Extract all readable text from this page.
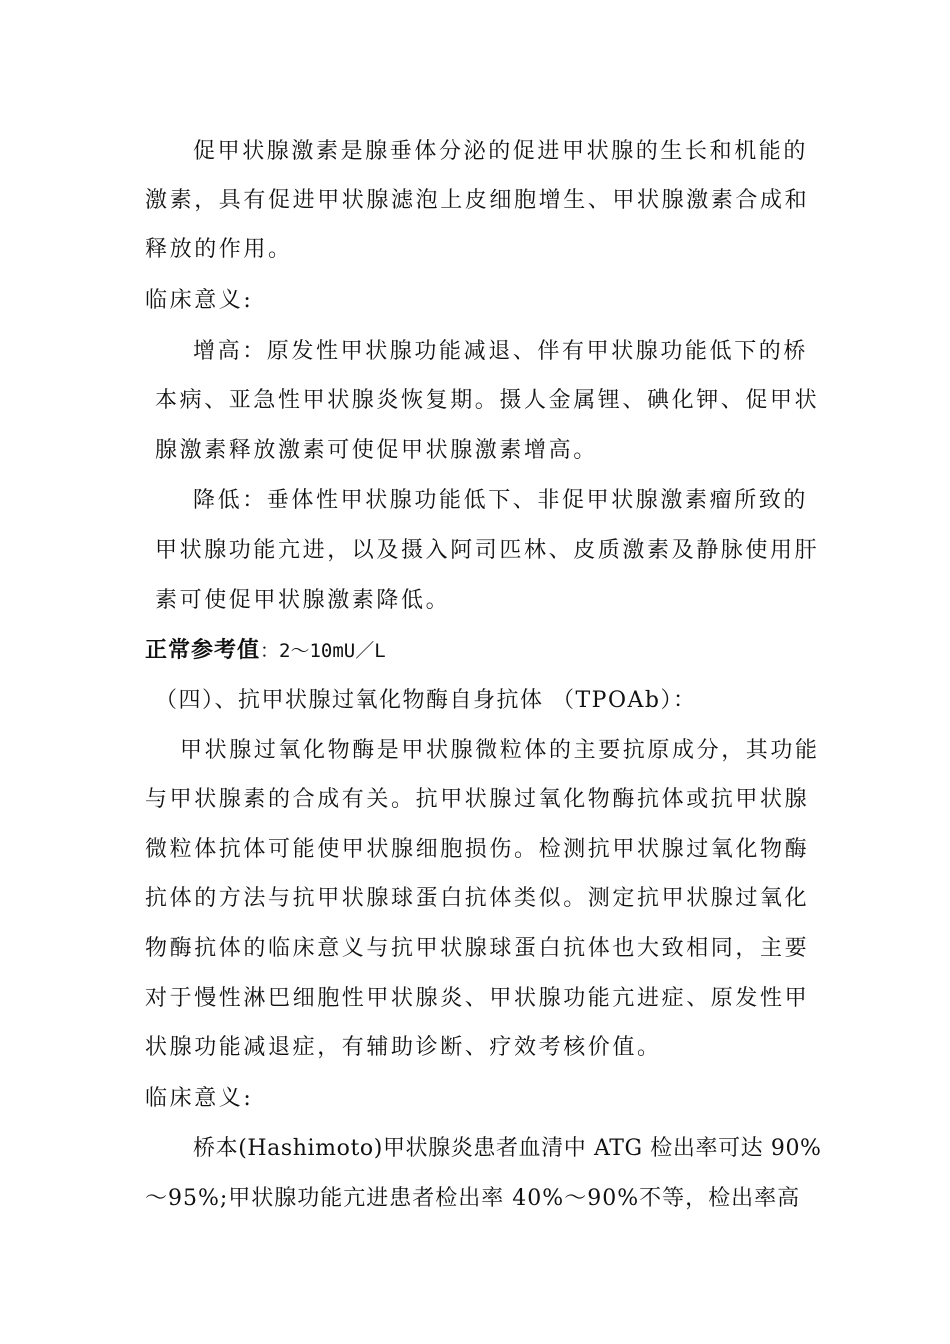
促甲状腺激素是腺垂体分泌的促进甲状腺的生长和机能的
激素，具有促进甲状腺滤泡上皮细胞增生、甲状腺激素合成和
释放的作用。
临床意义:
增高：原发性甲状腺功能减退、伴有甲状腺功能低下的桥
本病、亚急性甲状腺炎恢复期。摄人金属锂、碘化钾、促甲状
腺激素释放激素可使促甲状腺激素增高。
降低：垂体性甲状腺功能低下、非促甲状腺激素瘤所致的
甲状腺功能亢进，以及摄入阿司匹林、皮质激素及静脉使用肝
素可使促甲状腺激素降低。
正常参考值：2～10mU／L
（四）、抗甲状腺过氧化物酶自身抗体 （TPOAb）：
甲状腺过氧化物酶是甲状腺微粒体的主要抗原成分，其功能
与甲状腺素的合成有关。抗甲状腺过氧化物酶抗体或抗甲状腺
微粒体抗体可能使甲状腺细胞损伤。检测抗甲状腺过氧化物酶
抗体的方法与抗甲状腺球蛋白抗体类似。测定抗甲状腺过氧化
物酶抗体的临床意义与抗甲状腺球蛋白抗体也大致相同，主要
对于慢性淋巴细胞性甲状腺炎、甲状腺功能亢进症、原发性甲
状腺功能减退症，有辅助诊断、疗效考核价值。
临床意义:
桥本(Hashimoto)甲状腺炎患者血清中 ATG 检出率可达 90%
～95%;甲状腺功能亢进患者检出率 40%～90%不等，检出率高
